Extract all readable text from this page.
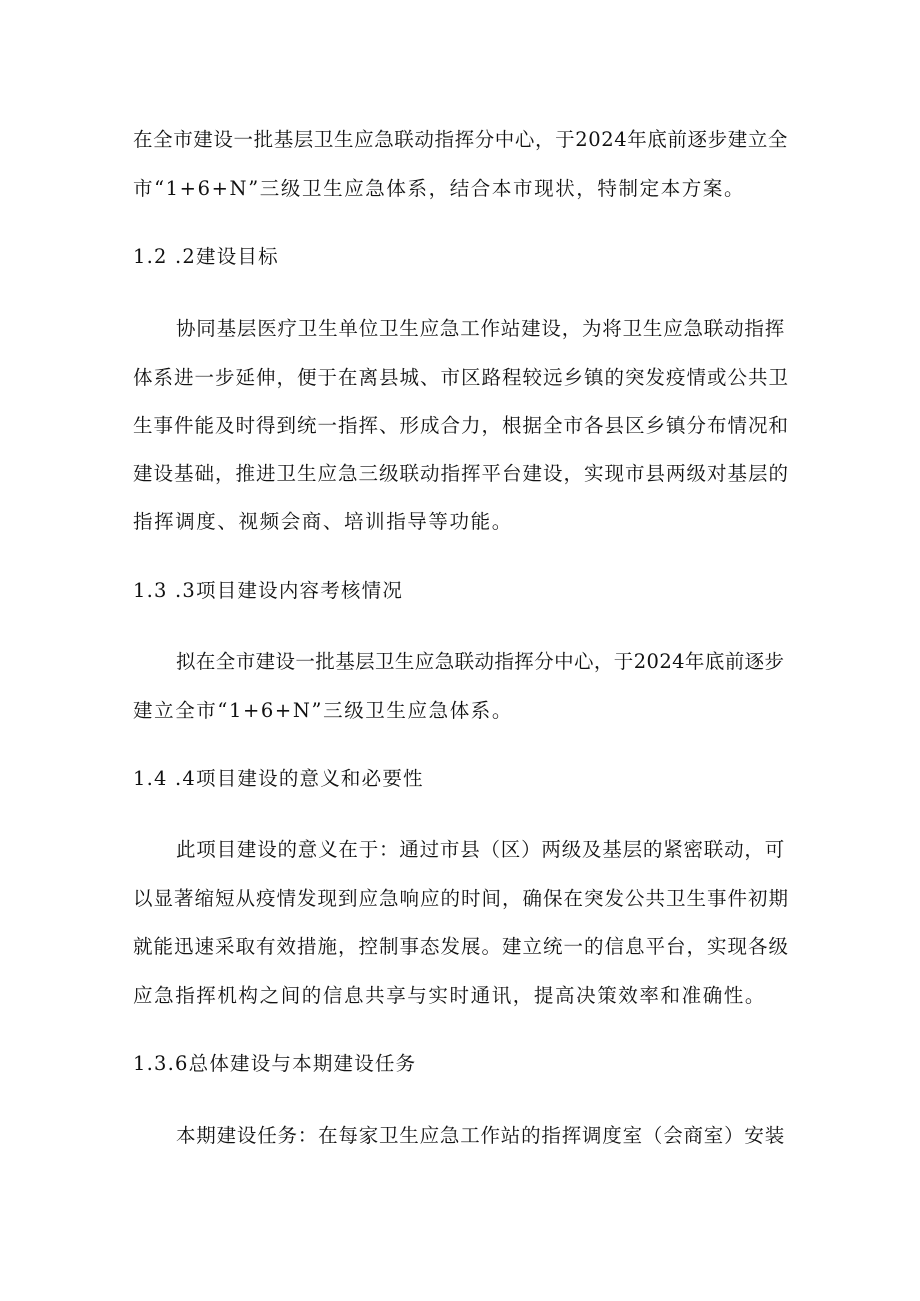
在全市建设一批基层卫生应急联动指挥分中心，于2024年底前逐步建立全

市“1+6+N”三级卫生应急体系，结合本市现状，特制定本方案。

1.2 .2建设目标

协同基层医疗卫生单位卫生应急工作站建设，为将卫生应急联动指挥

体系进一步延伸，便于在离县城、市区路程较远乡镇的突发疫情或公共卫

生事件能及时得到统一指挥、形成合力，根据全市各县区乡镇分布情况和

建设基础，推进卫生应急三级联动指挥平台建设，实现市县两级对基层的

指挥调度、视频会商、培训指导等功能。

1.3 .3项目建设内容考核情况

拟在全市建设一批基层卫生应急联动指挥分中心，于2024年底前逐步

建立全市“1+6+N”三级卫生应急体系。

1.4 .4项目建设的意义和必要性

此项目建设的意义在于：通过市县（区）两级及基层的紧密联动，可

以显著缩短从疫情发现到应急响应的时间，确保在突发公共卫生事件初期

就能迅速采取有效措施，控制事态发展。建立统一的信息平台，实现各级

应急指挥机构之间的信息共享与实时通讯，提高决策效率和准确性。

1.3.6总体建设与本期建设任务

本期建设任务：在每家卫生应急工作站的指挥调度室（会商室）安装
